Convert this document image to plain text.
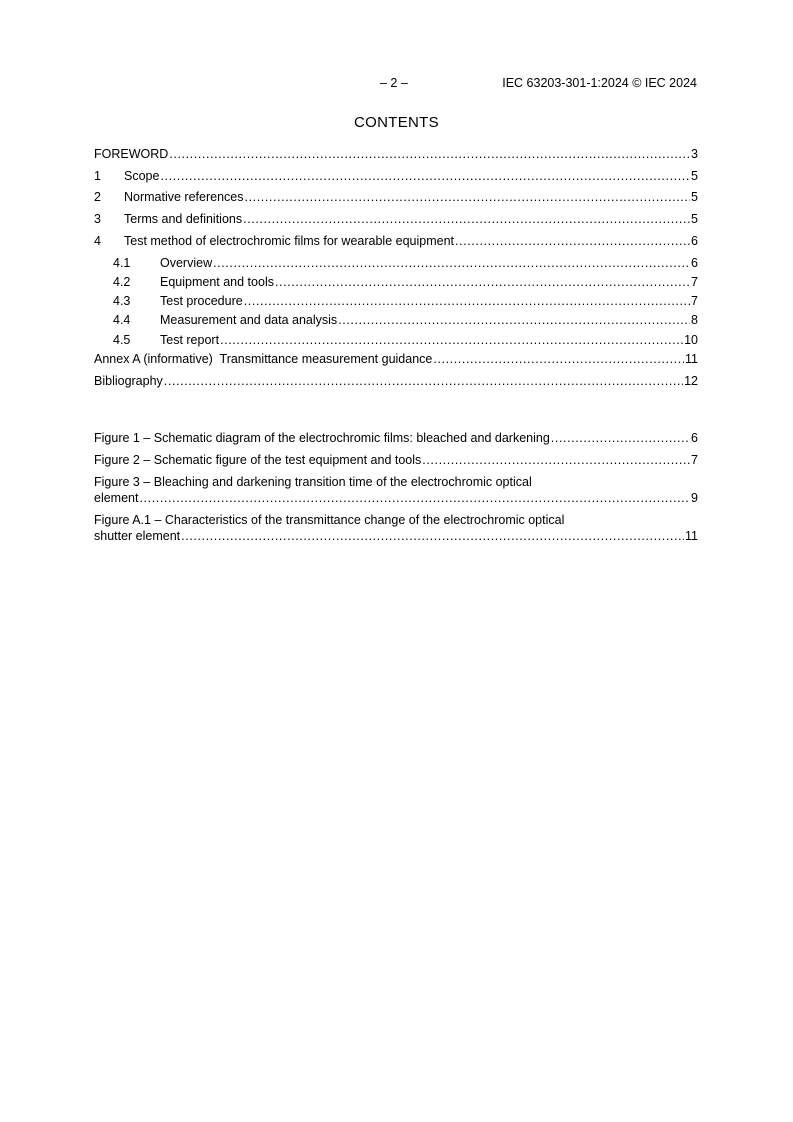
– 2 –	IEC 63203-301-1:2024 © IEC 2024
CONTENTS
FOREWORD .....	3
1	Scope .....	5
2	Normative references .....	5
3	Terms and definitions .....	5
4	Test method of electrochromic films for wearable equipment .....	6
4.1	Overview .....	6
4.2	Equipment and tools .....	7
4.3	Test procedure .....	7
4.4	Measurement and data analysis .....	8
4.5	Test report .....	10
Annex A (informative)  Transmittance measurement guidance .....	11
Bibliography .....	12
Figure 1 – Schematic diagram of the electrochromic films: bleached and darkening .....	6
Figure 2 – Schematic figure of the test equipment and tools .....	7
Figure 3 – Bleaching and darkening transition time of the electrochromic optical
element .....	9
Figure A.1 – Characteristics of the transmittance change of the electrochromic optical
shutter element .....	11
